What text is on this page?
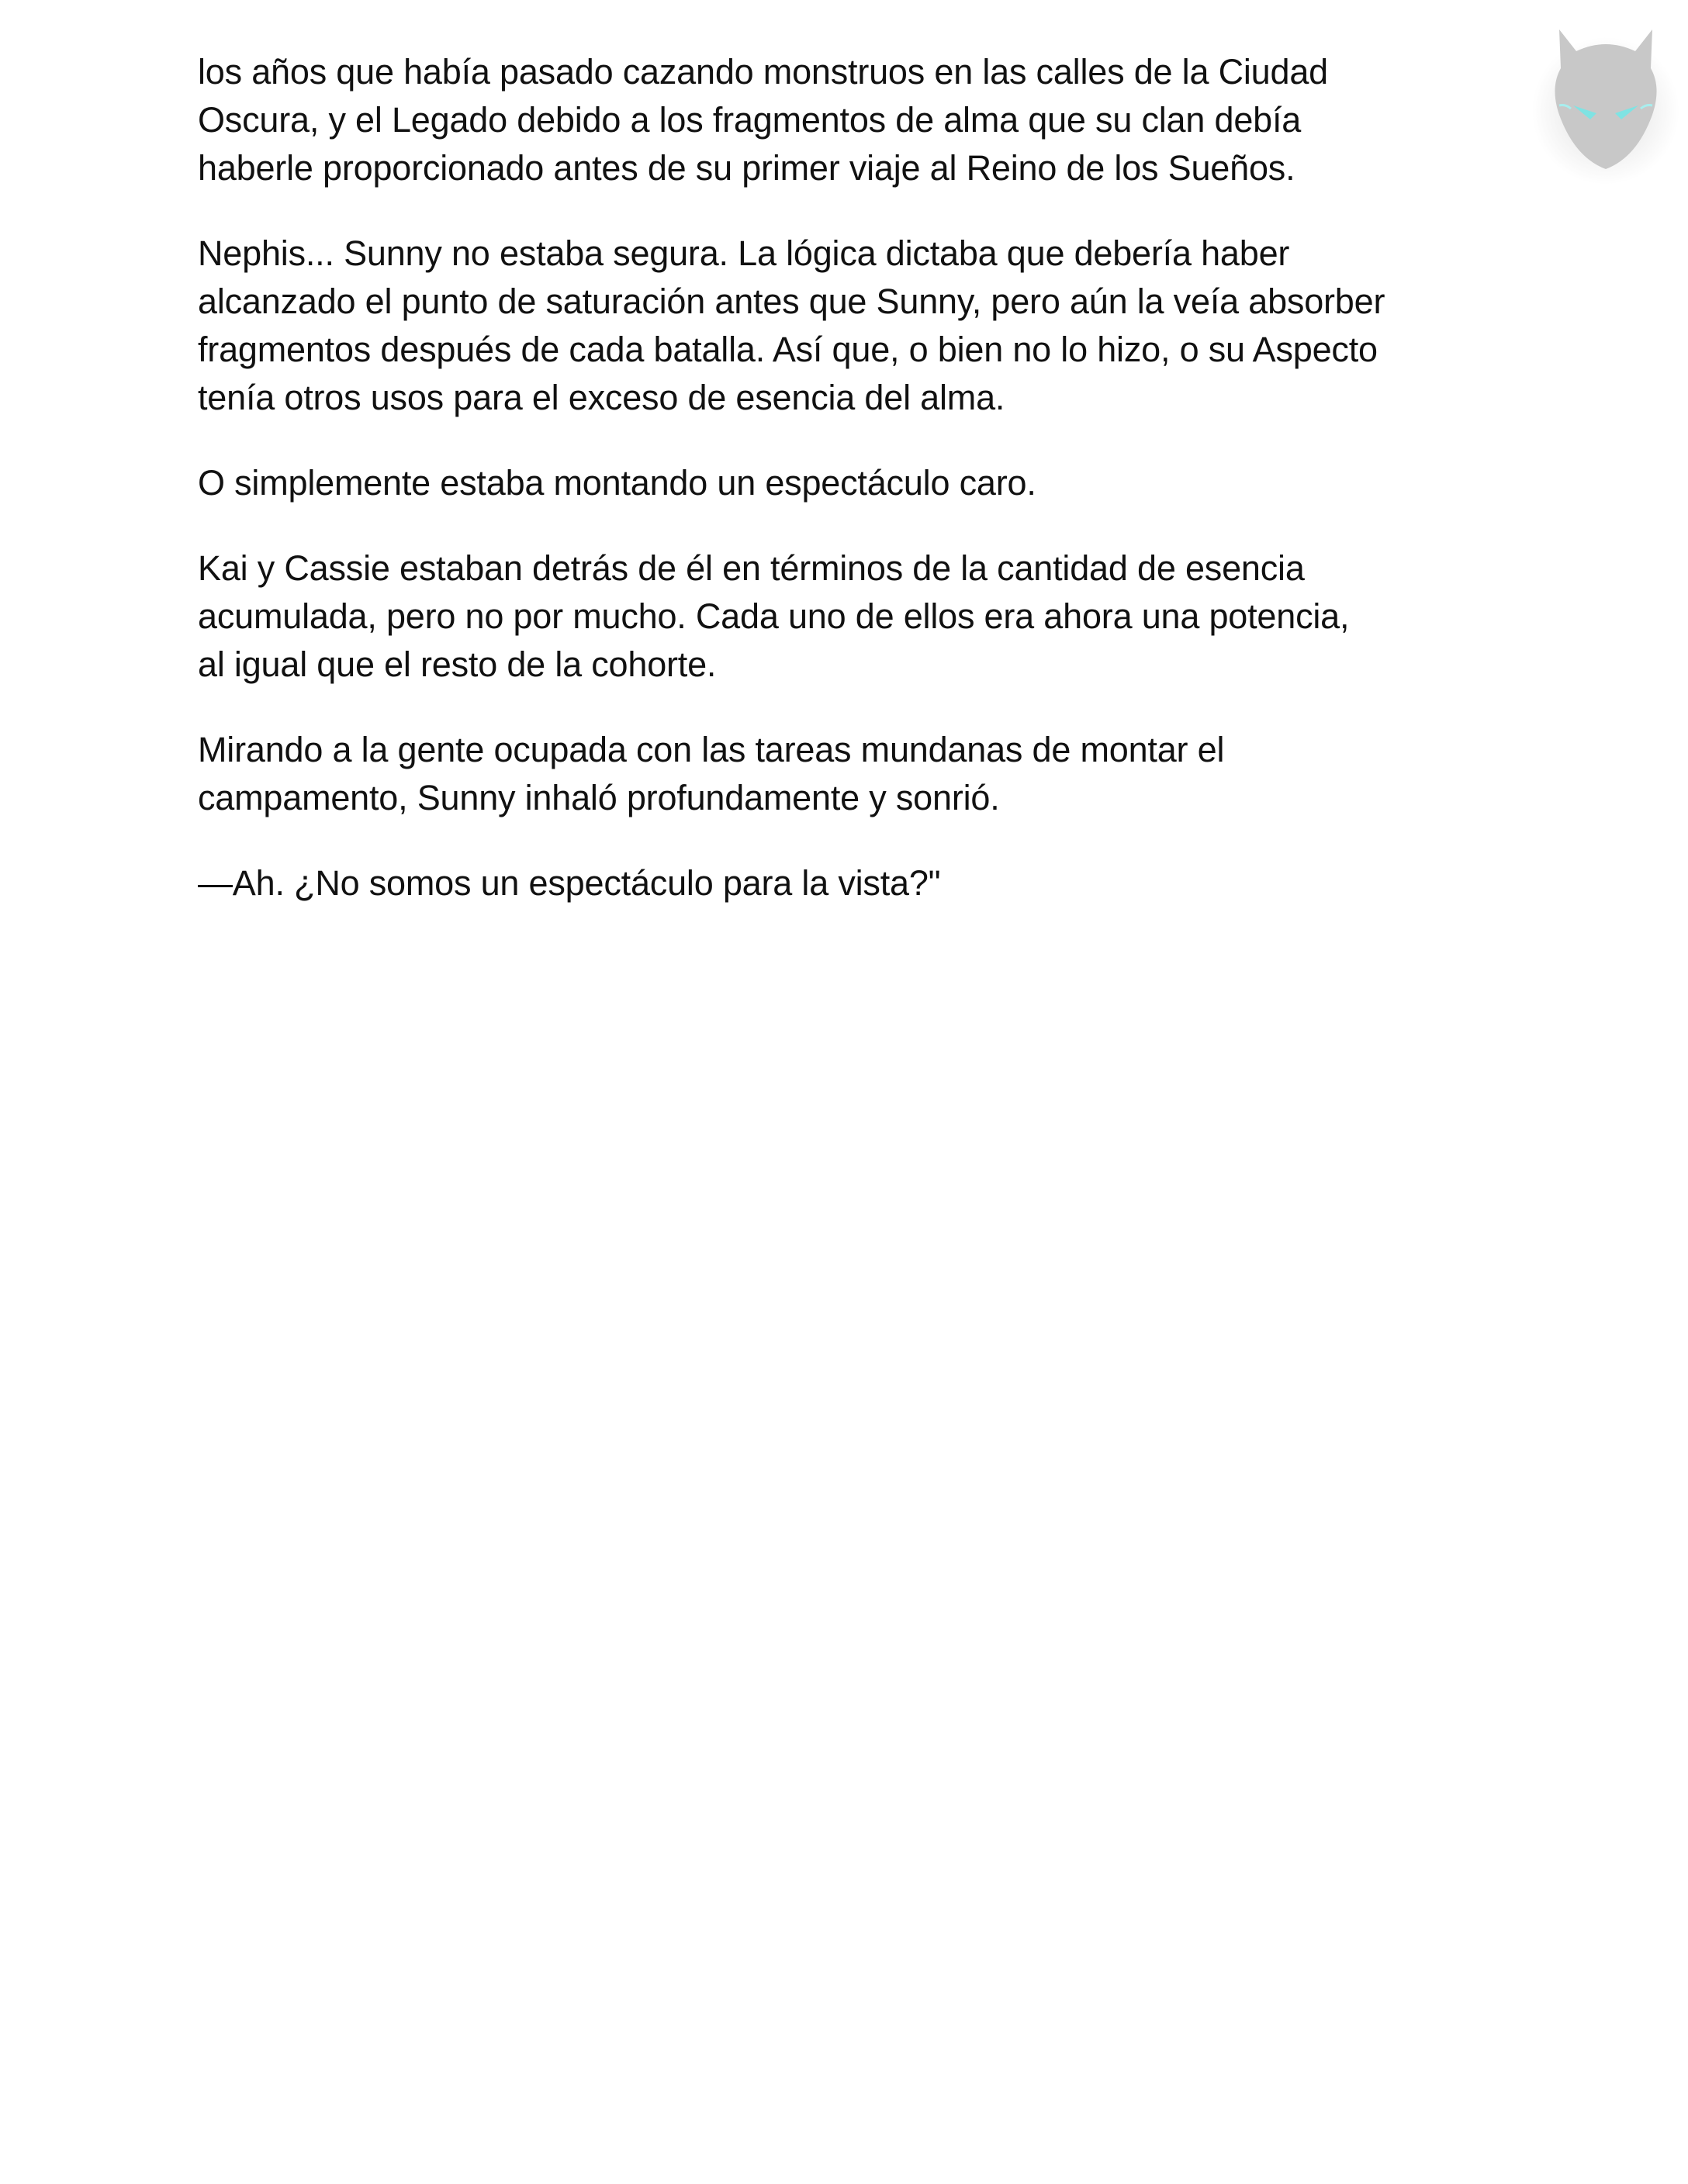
los años que había pasado cazando monstruos en las calles de la Ciudad
Oscura, y el Legado debido a los fragmentos de alma que su clan debía
haberle proporcionado antes de su primer viaje al Reino de los Sueños.

Nephis... Sunny no estaba segura. La lógica dictaba que debería haber
alcanzado el punto de saturación antes que Sunny, pero aún la veía absorber
fragmentos después de cada batalla. Así que, o bien no lo hizo, o su Aspecto
tenía otros usos para el exceso de esencia del alma.

O simplemente estaba montando un espectáculo caro.

Kai y Cassie estaban detrás de él en términos de la cantidad de esencia
acumulada, pero no por mucho. Cada uno de ellos era ahora una potencia,
al igual que el resto de la cohorte.

Mirando a la gente ocupada con las tareas mundanas de montar el
campamento, Sunny inhaló profundamente y sonrió.

—Ah. ¿No somos un espectáculo para la vista?"
